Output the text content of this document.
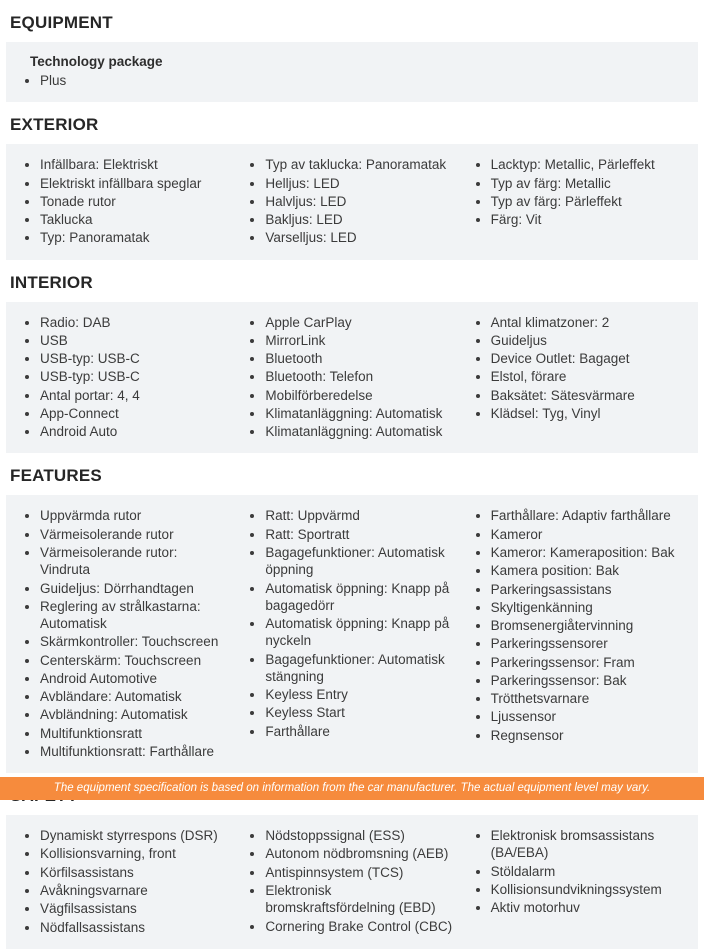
EQUIPMENT
Technology package
• Plus
EXTERIOR
• Infällbara: Elektriskt
• Elektriskt infällbara speglar
• Tonade rutor
• Taklucka
• Typ: Panoramatak
• Typ av taklucka: Panoramatak
• Helljus: LED
• Halvljus: LED
• Bakljus: LED
• Varselljus: LED
• Lacktyp: Metallic, Pärleffekt
• Typ av färg: Metallic
• Typ av färg: Pärleffekt
• Färg: Vit
INTERIOR
• Radio: DAB
• USB
• USB-typ: USB-C
• USB-typ: USB-C
• Antal portar: 4, 4
• App-Connect
• Android Auto
• Apple CarPlay
• MirrorLink
• Bluetooth
• Bluetooth: Telefon
• Mobilförberedelse
• Klimatanläggning: Automatisk
• Klimatanläggning: Automatisk
• Antal klimatzoner: 2
• Guideljus
• Device Outlet: Bagaget
• Elstol, förare
• Baksätet: Sätesvärmare
• Klädsel: Tyg, Vinyl
FEATURES
• Uppvärmda rutor
• Värmeisolerande rutor
• Värmeisolerande rutor: Vindruta
• Guideljus: Dörrhandtagen
• Reglering av strålkastarna: Automatisk
• Skärmkontroller: Touchscreen
• Centerskärm: Touchscreen
• Android Automotive
• Avbländare: Automatisk
• Avbländning: Automatisk
• Multifunktionsratt
• Multifunktionsratt: Farthållare
• Ratt: Uppvärmd
• Ratt: Sportratt
• Bagagefunktioner: Automatisk öppning
• Automatisk öppning: Knapp på bagagedörr
• Automatisk öppning: Knapp på nyckeln
• Bagagefunktioner: Automatisk stängning
• Keyless Entry
• Keyless Start
• Farthållare
• Farthållare: Adaptiv farthållare
• Kameror
• Kameror: Kameraposition: Bak
• Kamera position: Bak
• Parkeringsassistans
• Skyltigenkänning
• Bromsenergiåtervinning
• Parkeringssensorer
• Parkeringssensor: Fram
• Parkeringssensor: Bak
• Trötthetsvarnare
• Ljussensor
• Regnsensor
• Dynamiskt styrrespons (DSR)
• Kollisionsvarning, front
• Körfilsassistans
• Avåkningsvarnare
• Vägfilsassistans
• Nödfallsassistans
• Nödstoppssignal (ESS)
• Autonom nödbromsning (AEB)
• Antispinnsystem (TCS)
• Elektronisk bromskraftsfördelning (EBD)
• Cornering Brake Control (CBC)
• Elektronisk bromsassistans (BA/EBA)
• Stöldalarm
• Kollisionsundvikningssystem
• Aktiv motorhuv
The equipment specification is based on information from the car manufacturer. The actual equipment level may vary.
